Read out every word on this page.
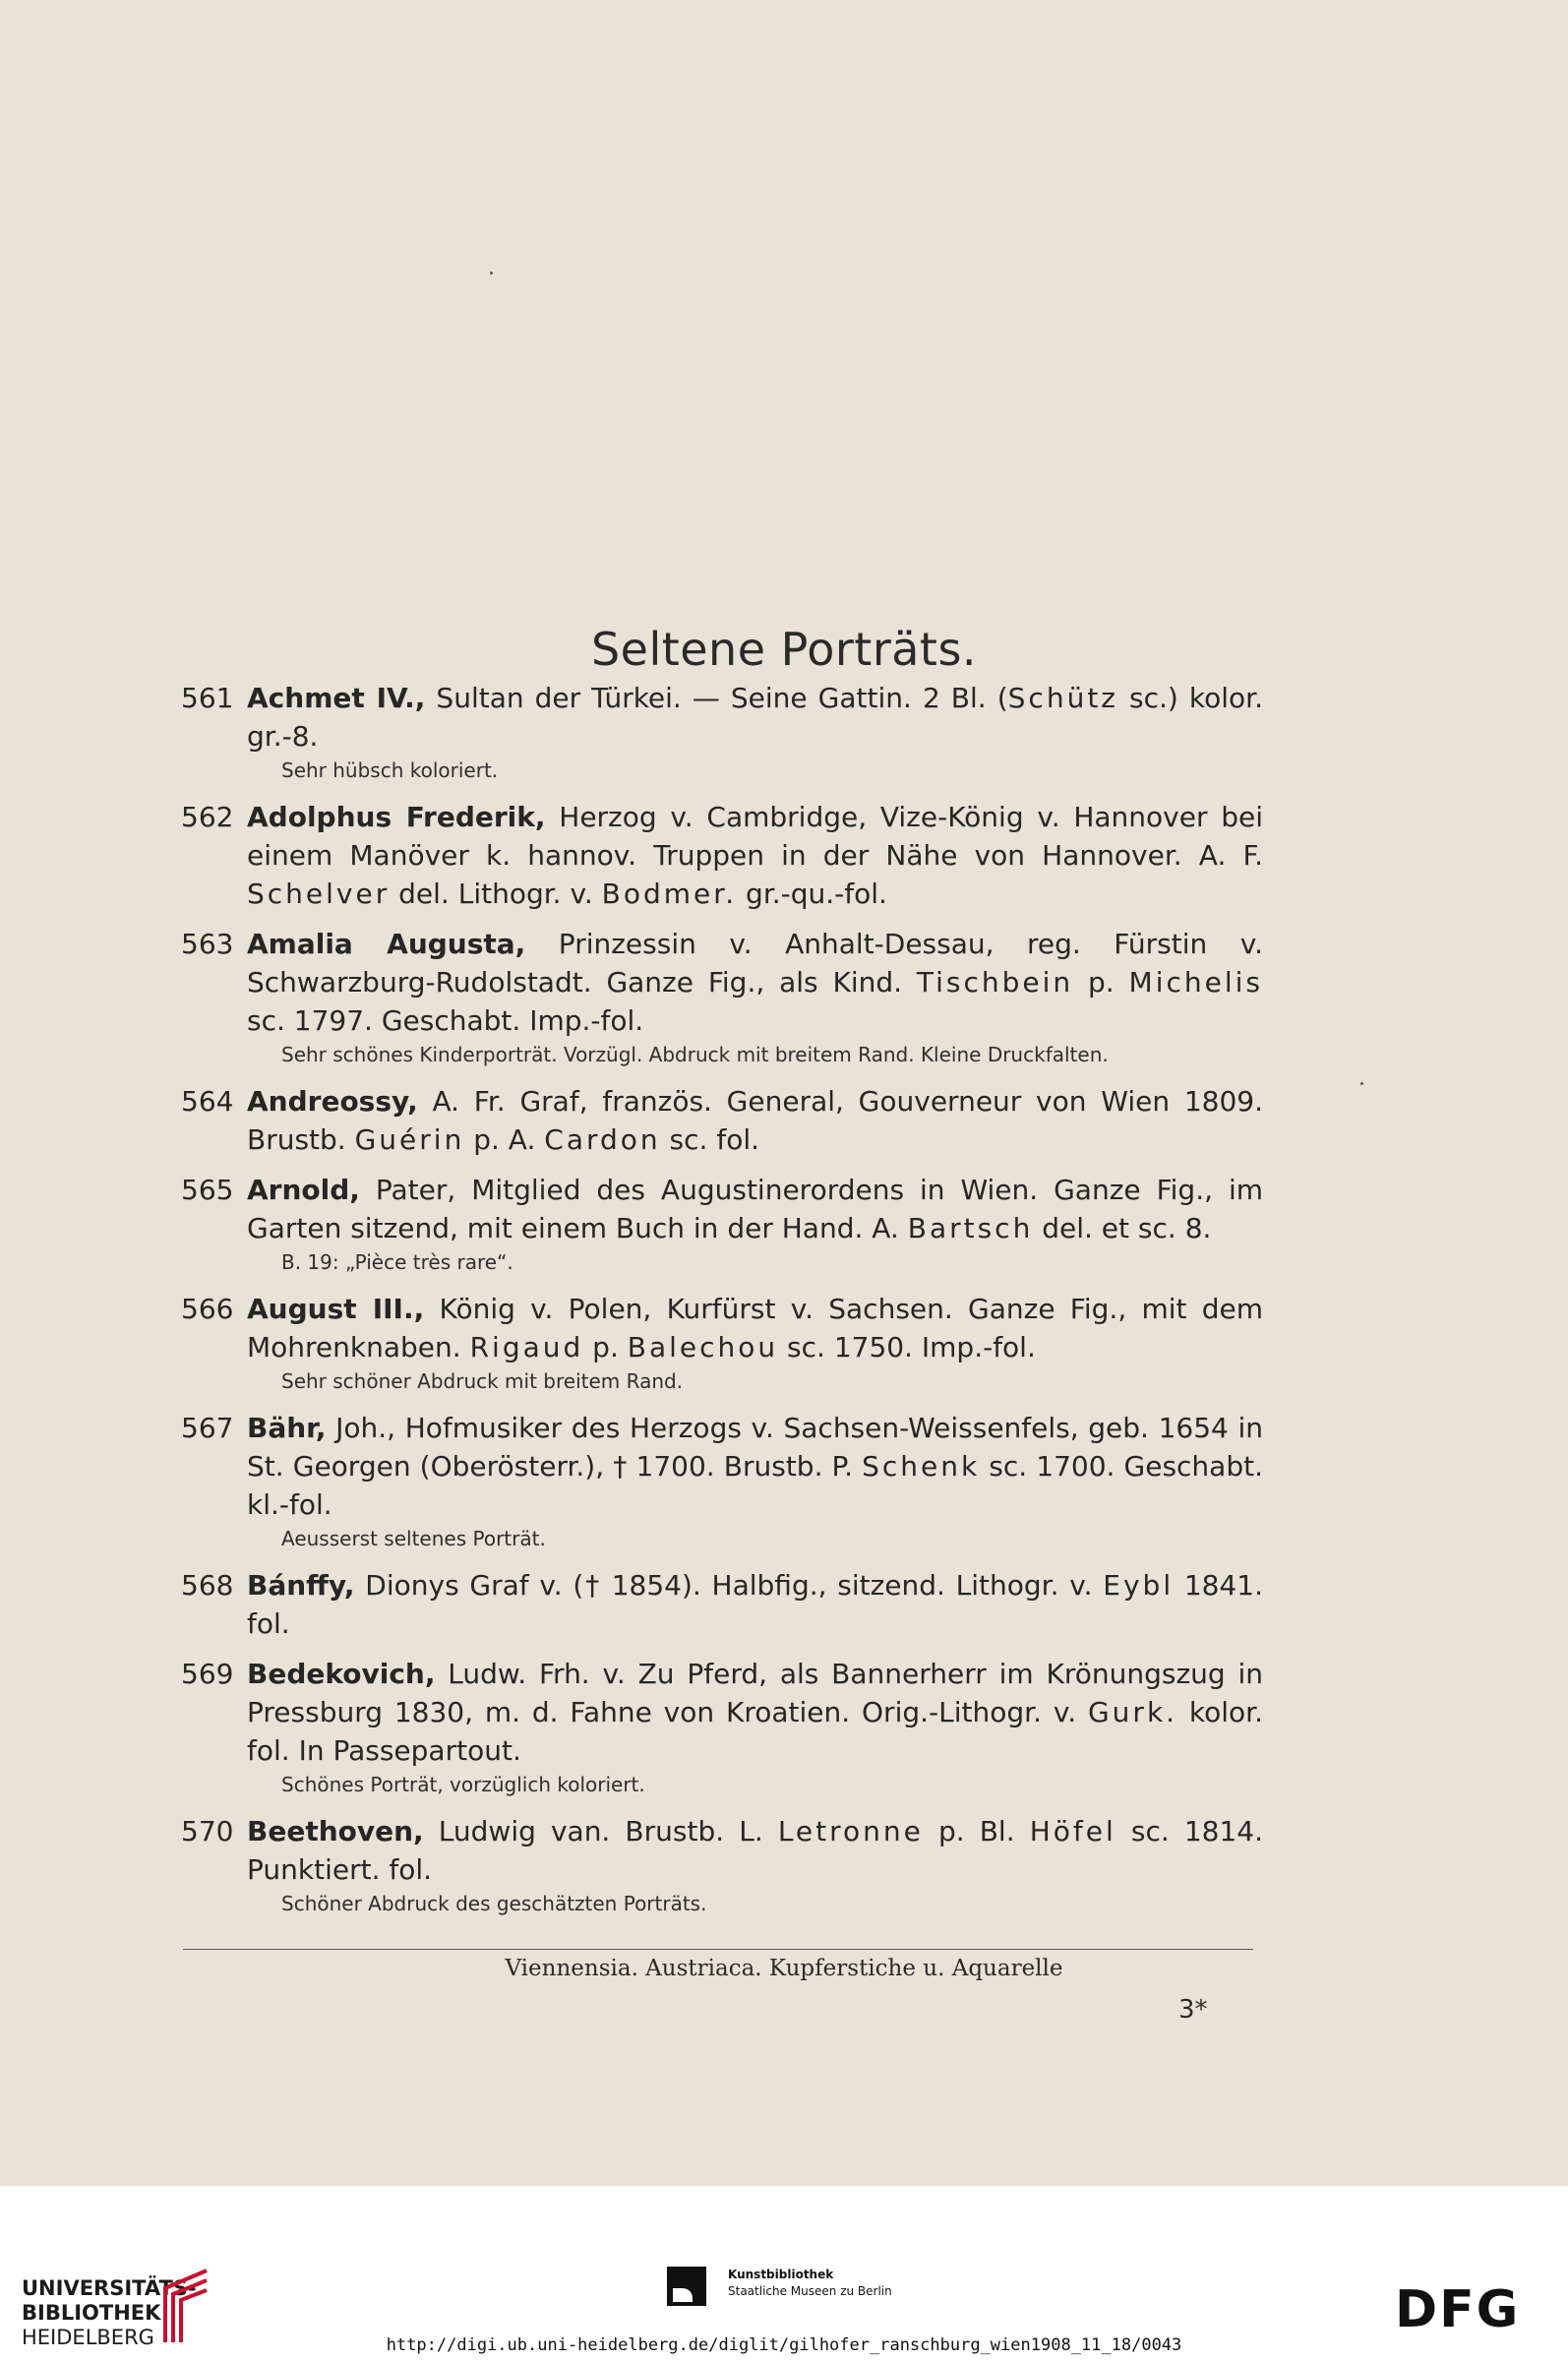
Seltene Porträts.
561 Achmet IV., Sultan der Türkei. — Seine Gattin. 2 Bl. (Schütz sc.) kolor. gr.-8.
Sehr hübsch koloriert.
562 Adolphus Frederik, Herzog v. Cambridge, Vize-König v. Hannover bei einem Manöver k. hannov. Truppen in der Nähe von Hannover. A. F. Schelver del. Lithogr. v. Bodmer. gr.-qu.-fol.
563 Amalia Augusta, Prinzessin v. Anhalt-Dessau, reg. Fürstin v. Schwarzburg-Rudolstadt. Ganze Fig., als Kind. Tischbein p. Michelis sc. 1797. Geschabt. Imp.-fol.
Sehr schönes Kinderporträt. Vorzügl. Abdruck mit breitem Rand. Kleine Druckfalten.
564 Andreossy, A. Fr. Graf, französ. General, Gouverneur von Wien 1809. Brustb. Guérin p. A. Cardon sc. fol.
565 Arnold, Pater, Mitglied des Augustinerordens in Wien. Ganze Fig., im Garten sitzend, mit einem Buch in der Hand. A. Bartsch del. et sc. 8.
B. 19: „Pièce très rare“.
566 August III., König v. Polen, Kurfürst v. Sachsen. Ganze Fig., mit dem Mohrenknaben. Rigaud p. Balechou sc. 1750. Imp.-fol.
Sehr schöner Abdruck mit breitem Rand.
567 Bähr, Joh., Hofmusiker des Herzogs v. Sachsen-Weissenfels, geb. 1654 in St. Georgen (Oberösterr.), † 1700. Brustb. P. Schenk sc. 1700. Geschabt. kl.-fol.
Aeusserst seltenes Porträt.
568 Bánffy, Dionys Graf v. († 1854). Halbfig., sitzend. Lithogr. v. Eybl 1841. fol.
569 Bedekovich, Ludw. Frh. v. Zu Pferd, als Bannerherr im Krönungszug in Pressburg 1830, m. d. Fahne von Kroatien. Orig.-Lithogr. v. Gurk. kolor. fol. In Passepartout.
Schönes Porträt, vorzüglich koloriert.
570 Beethoven, Ludwig van. Brustb. L. Letronne p. Bl. Höfel sc. 1814. Punktiert. fol.
Schöner Abdruck des geschätzten Porträts.
Viennensia. Austriaca. Kupferstiche u. Aquarelle
3*
UNIVERSITÄTS-
BIBLIOTHEK
HEIDELBERG
Kunstbibliothek
Staatliche Museen zu Berlin	DFG
http://digi.ub.uni-heidelberg.de/diglit/gilhofer_ranschburg_wien1908_11_18/0043
